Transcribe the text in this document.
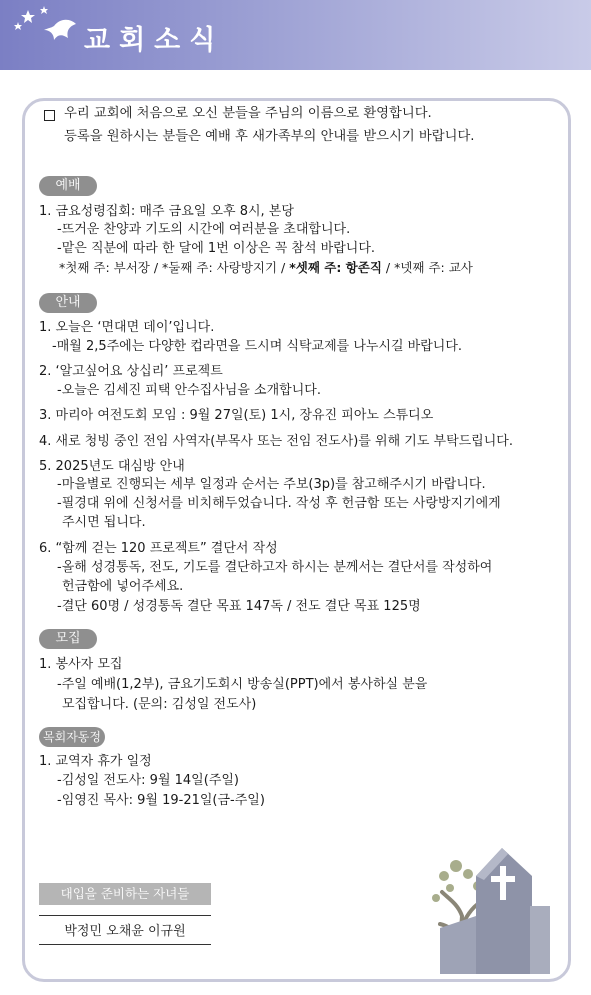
교회소식
우리 교회에 처음으로 오신 분들을 주님의 이름으로 환영합니다.
등록을 원하시는 분들은 예배 후 새가족부의 안내를 받으시기 바랍니다.
예배
1. 금요성령집회: 매주 금요일 오후 8시, 본당
-뜨거운 찬양과 기도의 시간에 여러분을 초대합니다.
-맡은 직분에 따라 한 달에 1번 이상은 꼭 참석 바랍니다.
*첫째 주: 부서장 / *둘째 주: 사랑방지기 / *셋째 주: 항존직 / *넷째 주: 교사
안내
1. 오늘은 ‘면대면 데이’입니다.
-매월 2,5주에는 다양한 컵라면을 드시며 식탁교제를 나누시길 바랍니다.
2. ‘알고싶어요 상십리’ 프로젝트
-오늘은 김세진 피택 안수집사님을 소개합니다.
3. 마리아 여전도회 모임 : 9월 27일(토) 1시, 장유진 피아노 스튜디오
4. 새로 청빙 중인 전임 사역자(부목사 또는 전임 전도사)를 위해 기도 부탁드립니다.
5. 2025년도 대심방 안내
-마을별로 진행되는 세부 일정과 순서는 주보(3p)를 참고해주시기 바랍니다.
-필경대 위에 신청서를 비치해두었습니다. 작성 후 헌금함 또는 사랑방지기에게
주시면 됩니다.
6. “함께 걷는 120 프로젝트” 결단서 작성
-올해 성경통독, 전도, 기도를 결단하고자 하시는 분께서는 결단서를 작성하여
헌금함에 넣어주세요.
-결단 60명 / 성경통독 결단 목표 147독 / 전도 결단 목표 125명
모집
1. 봉사자 모집
-주일 예배(1,2부), 금요기도회시 방송실(PPT)에서 봉사하실 분을
모집합니다. (문의: 김성일 전도사)
목회자동정
1. 교역자 휴가 일정
-김성일 전도사: 9월 14일(주일)
-임영진 목사: 9월 19-21일(금-주일)
대입을 준비하는 자녀들
박정민 오채윤 이규원
